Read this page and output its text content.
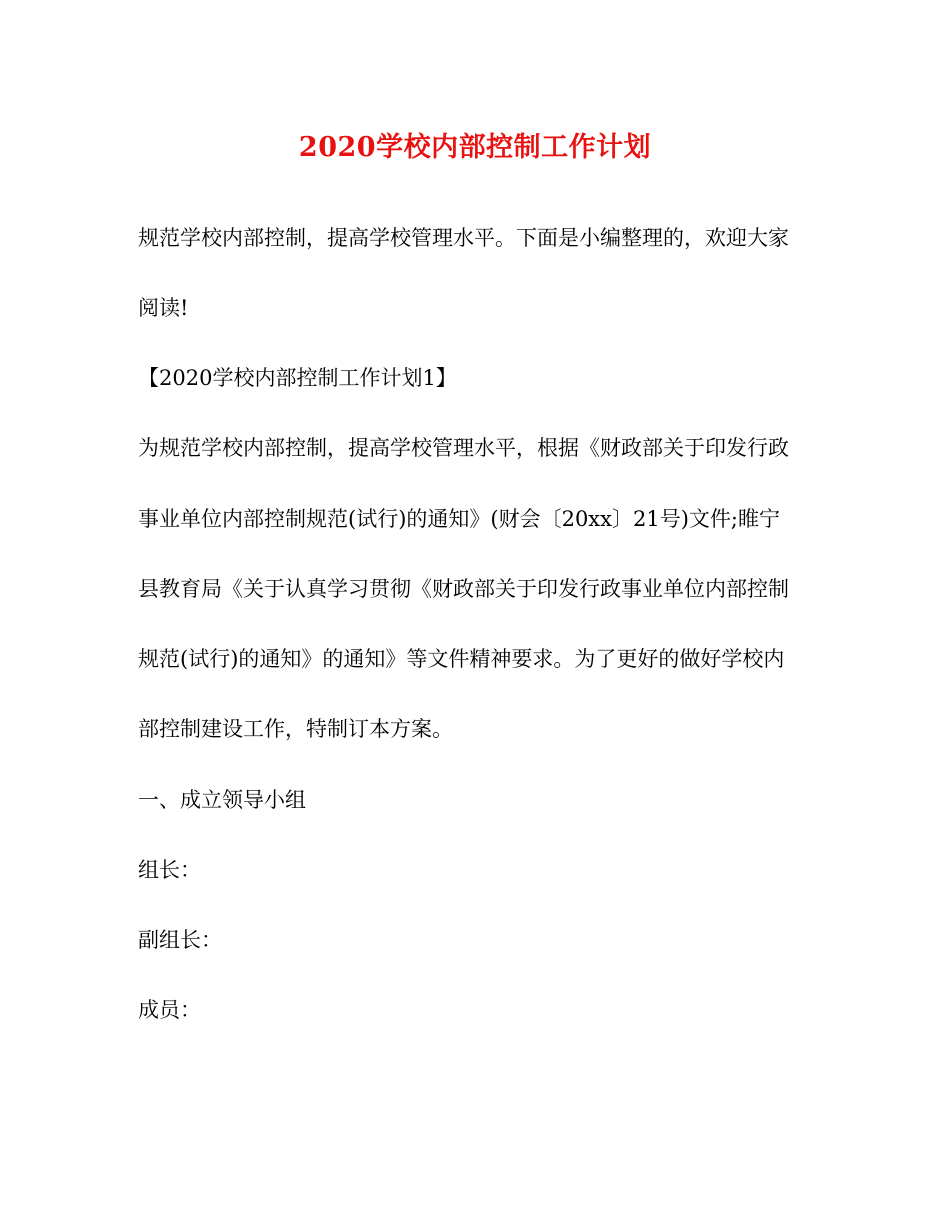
2020学校内部控制工作计划
规范学校内部控制，提高学校管理水平。下面是小编整理的，欢迎大家
阅读!
【2020学校内部控制工作计划1】
为规范学校内部控制，提高学校管理水平，根据《财政部关于印发行政
事业单位内部控制规范(试行)的通知》(财会〔20xx〕21号)文件;睢宁
县教育局《关于认真学习贯彻《财政部关于印发行政事业单位内部控制
规范(试行)的通知》的通知》等文件精神要求。为了更好的做好学校内
部控制建设工作，特制订本方案。
一、成立领导小组
组长：
副组长：
成员：
